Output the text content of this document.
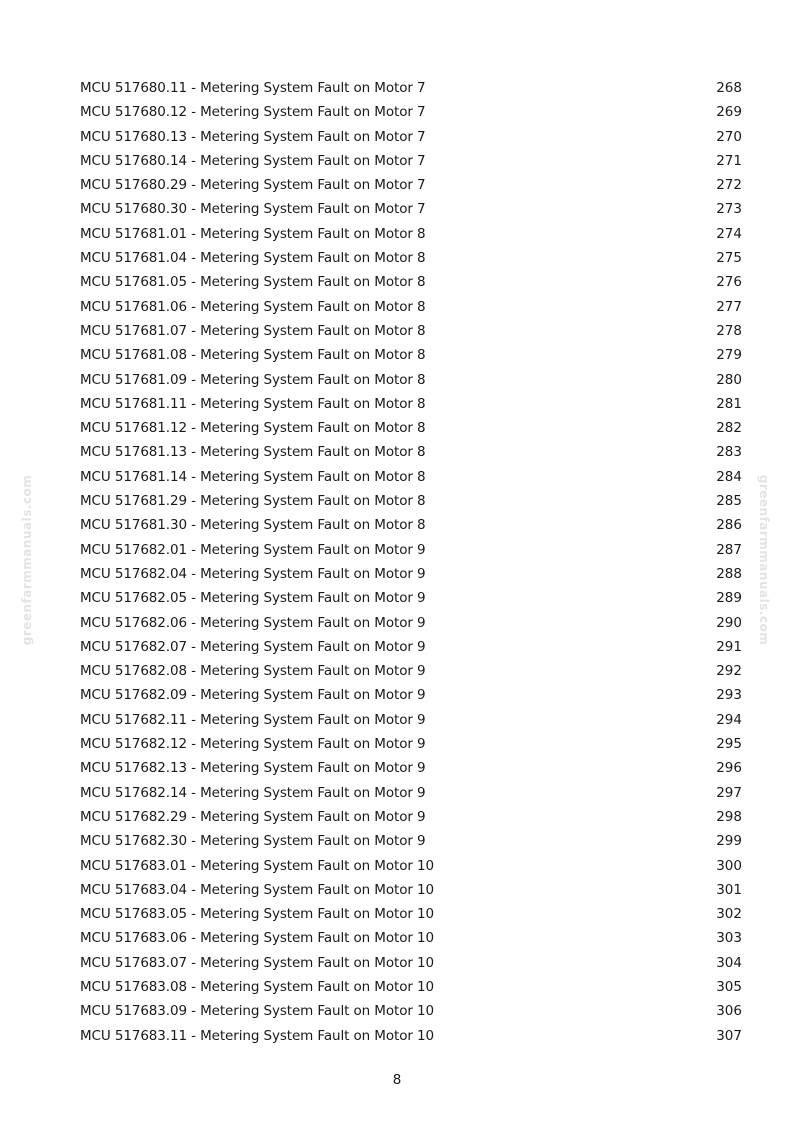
MCU 517680.11 - Metering System Fault on Motor 7	268
MCU 517680.12 - Metering System Fault on Motor 7	269
MCU 517680.13 - Metering System Fault on Motor 7	270
MCU 517680.14 - Metering System Fault on Motor 7	271
MCU 517680.29 - Metering System Fault on Motor 7	272
MCU 517680.30 - Metering System Fault on Motor 7	273
MCU 517681.01 - Metering System Fault on Motor 8	274
MCU 517681.04 - Metering System Fault on Motor 8	275
MCU 517681.05 - Metering System Fault on Motor 8	276
MCU 517681.06 - Metering System Fault on Motor 8	277
MCU 517681.07 - Metering System Fault on Motor 8	278
MCU 517681.08 - Metering System Fault on Motor 8	279
MCU 517681.09 - Metering System Fault on Motor 8	280
MCU 517681.11 - Metering System Fault on Motor 8	281
MCU 517681.12 - Metering System Fault on Motor 8	282
MCU 517681.13 - Metering System Fault on Motor 8	283
MCU 517681.14 - Metering System Fault on Motor 8	284
MCU 517681.29 - Metering System Fault on Motor 8	285
MCU 517681.30 - Metering System Fault on Motor 8	286
MCU 517682.01 - Metering System Fault on Motor 9	287
MCU 517682.04 - Metering System Fault on Motor 9	288
MCU 517682.05 - Metering System Fault on Motor 9	289
MCU 517682.06 - Metering System Fault on Motor 9	290
MCU 517682.07 - Metering System Fault on Motor 9	291
MCU 517682.08 - Metering System Fault on Motor 9	292
MCU 517682.09 - Metering System Fault on Motor 9	293
MCU 517682.11 - Metering System Fault on Motor 9	294
MCU 517682.12 - Metering System Fault on Motor 9	295
MCU 517682.13 - Metering System Fault on Motor 9	296
MCU 517682.14 - Metering System Fault on Motor 9	297
MCU 517682.29 - Metering System Fault on Motor 9	298
MCU 517682.30 - Metering System Fault on Motor 9	299
MCU 517683.01 - Metering System Fault on Motor 10	300
MCU 517683.04 - Metering System Fault on Motor 10	301
MCU 517683.05 - Metering System Fault on Motor 10	302
MCU 517683.06 - Metering System Fault on Motor 10	303
MCU 517683.07 - Metering System Fault on Motor 10	304
MCU 517683.08 - Metering System Fault on Motor 10	305
MCU 517683.09 - Metering System Fault on Motor 10	306
MCU 517683.11 - Metering System Fault on Motor 10	307
8
greenfarmmanuals.com	greenfarmmanuals.com
